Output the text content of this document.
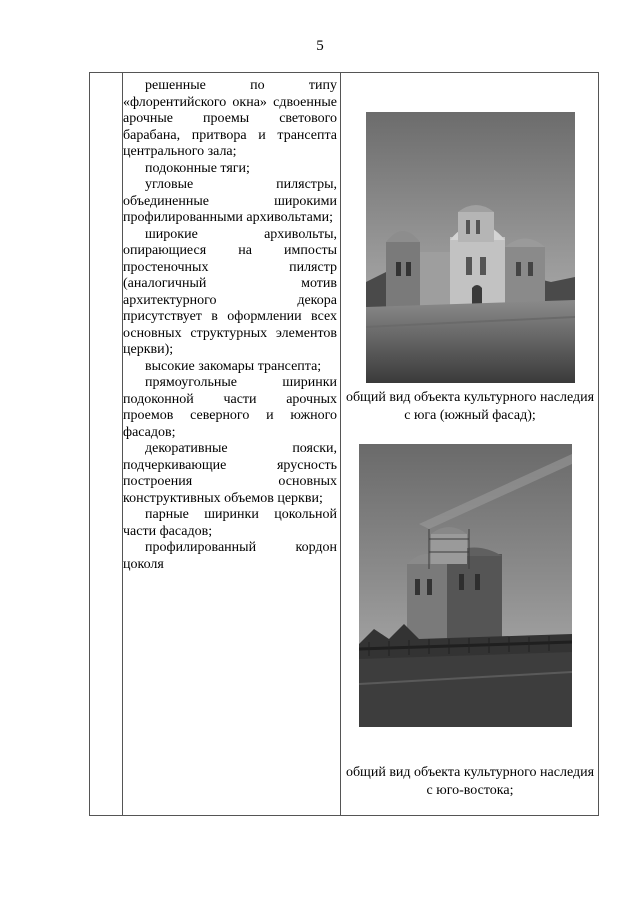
5

решенные по типу «флорентийского окна» сдвоенные арочные проемы светового барабана, притвора и трансепта центрального зала;

подоконные тяги;

угловые пилястры, объединенные широкими профилированными архивольтами;

широкие архивольты, опирающиеся на импосты простеночных пилястр (аналогичный мотив архитектурного декора присутствует в оформлении всех основных структурных элементов церкви);

высокие закомары трансепта;

прямоугольные ширинки подоконной части арочных проемов северного и южного фасадов;

декоративные пояски, подчеркивающие ярусность построения основных конструктивных объемов церкви;

парные ширинки цокольной части фасадов;

профилированный кордон цоколя

общий вид объекта культурного наследия с юга (южный фасад);
общий вид объекта культурного наследия с юго-востока;
